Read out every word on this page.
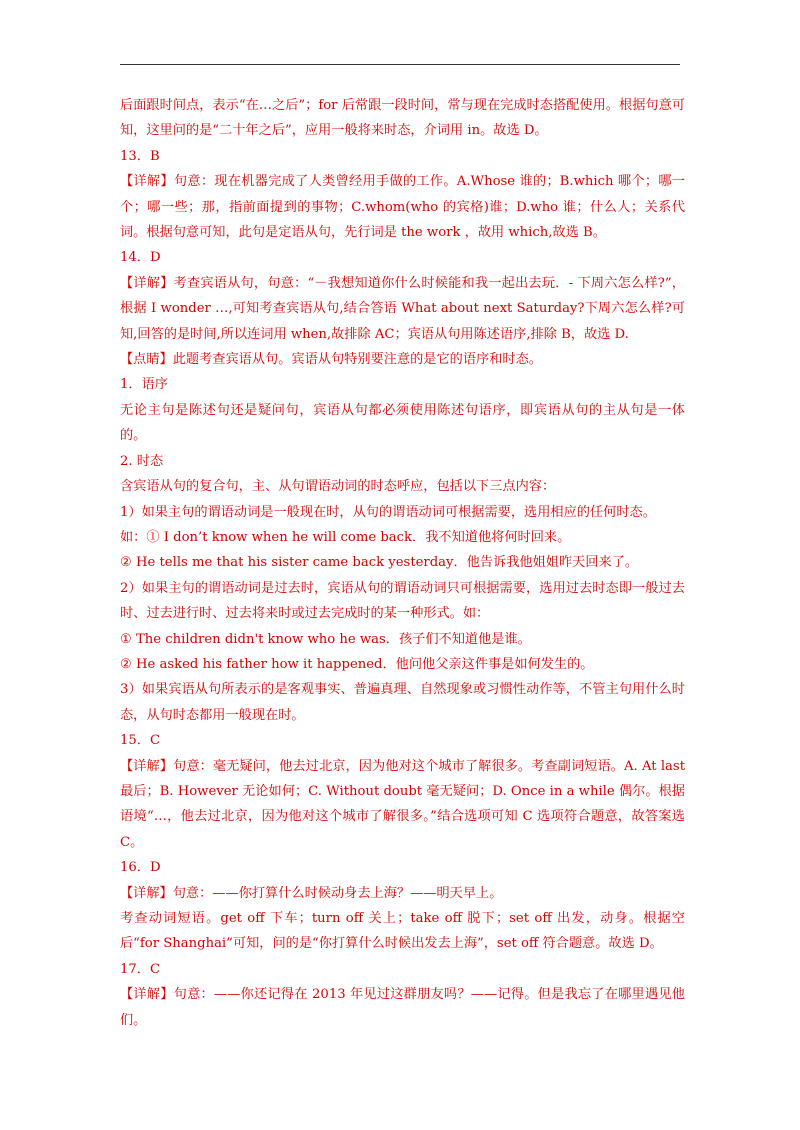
后面跟时间点，表示“在…之后”；for 后常跟一段时间，常与现在完成时态搭配使用。根据句意可知，这里问的是“二十年之后”，应用一般将来时态，介词用 in。故选 D。

13．B

【详解】句意：现在机器完成了人类曾经用手做的工作。A.Whose 谁的；B.which 哪个；哪一个；哪一些；那，指前面提到的事物；C.whom(who 的宾格)谁；D.who 谁；什么人；关系代词。根据句意可知，此句是定语从句，先行词是 the work ，故用 which,故选 B。

14．D

【详解】考查宾语从句，句意：“－我想知道你什么时候能和我一起出去玩．- 下周六怎么样?”，根据 I wonder …,可知考查宾语从句,结合答语 What about next Saturday?下周六怎么样?可知,回答的是时间,所以连词用 when,故排除 AC；宾语从句用陈述语序,排除 B，故选 D.

【点睛】此题考查宾语从句。宾语从句特别要注意的是它的语序和时态。

1．语序

无论主句是陈述句还是疑问句，宾语从句都必须使用陈述句语序，即宾语从句的主从句是一体的。

2. 时态

含宾语从句的复合句，主、从句谓语动词的时态呼应，包括以下三点内容：

1）如果主句的谓语动词是一般现在时，从句的谓语动词可根据需要，选用相应的任何时态。

如：① I don’t know when he will come back．我不知道他将何时回来。

② He tells me that his sister came back yesterday．他告诉我他姐姐昨天回来了。

2）如果主句的谓语动词是过去时，宾语从句的谓语动词只可根据需要，选用过去时态即一般过去时、过去进行时、过去将来时或过去完成时的某一种形式。如：

① The children didn't know who he was．孩子们不知道他是谁。

② He asked his father how it happened．他问他父亲这件事是如何发生的。

3）如果宾语从句所表示的是客观事实、普遍真理、自然现象或习惯性动作等，不管主句用什么时态，从句时态都用一般现在时。

15．C

【详解】句意：毫无疑问，他去过北京，因为他对这个城市了解很多。考查副词短语。A. At last 最后；B. However 无论如何；C. Without doubt 毫无疑问；D. Once in a while 偶尔。根据语境“…，他去过北京，因为他对这个城市了解很多。”结合选项可知 C 选项符合题意，故答案选 C。

16．D

【详解】句意：——你打算什么时候动身去上海？——明天早上。

考查动词短语。get off 下车；turn off 关上；take off 脱下；set off 出发，动身。根据空后“for Shanghai”可知，问的是“你打算什么时候出发去上海”，set off 符合题意。故选 D。

17．C

【详解】句意：——你还记得在 2013 年见过这群朋友吗？——记得。但是我忘了在哪里遇见他们。
